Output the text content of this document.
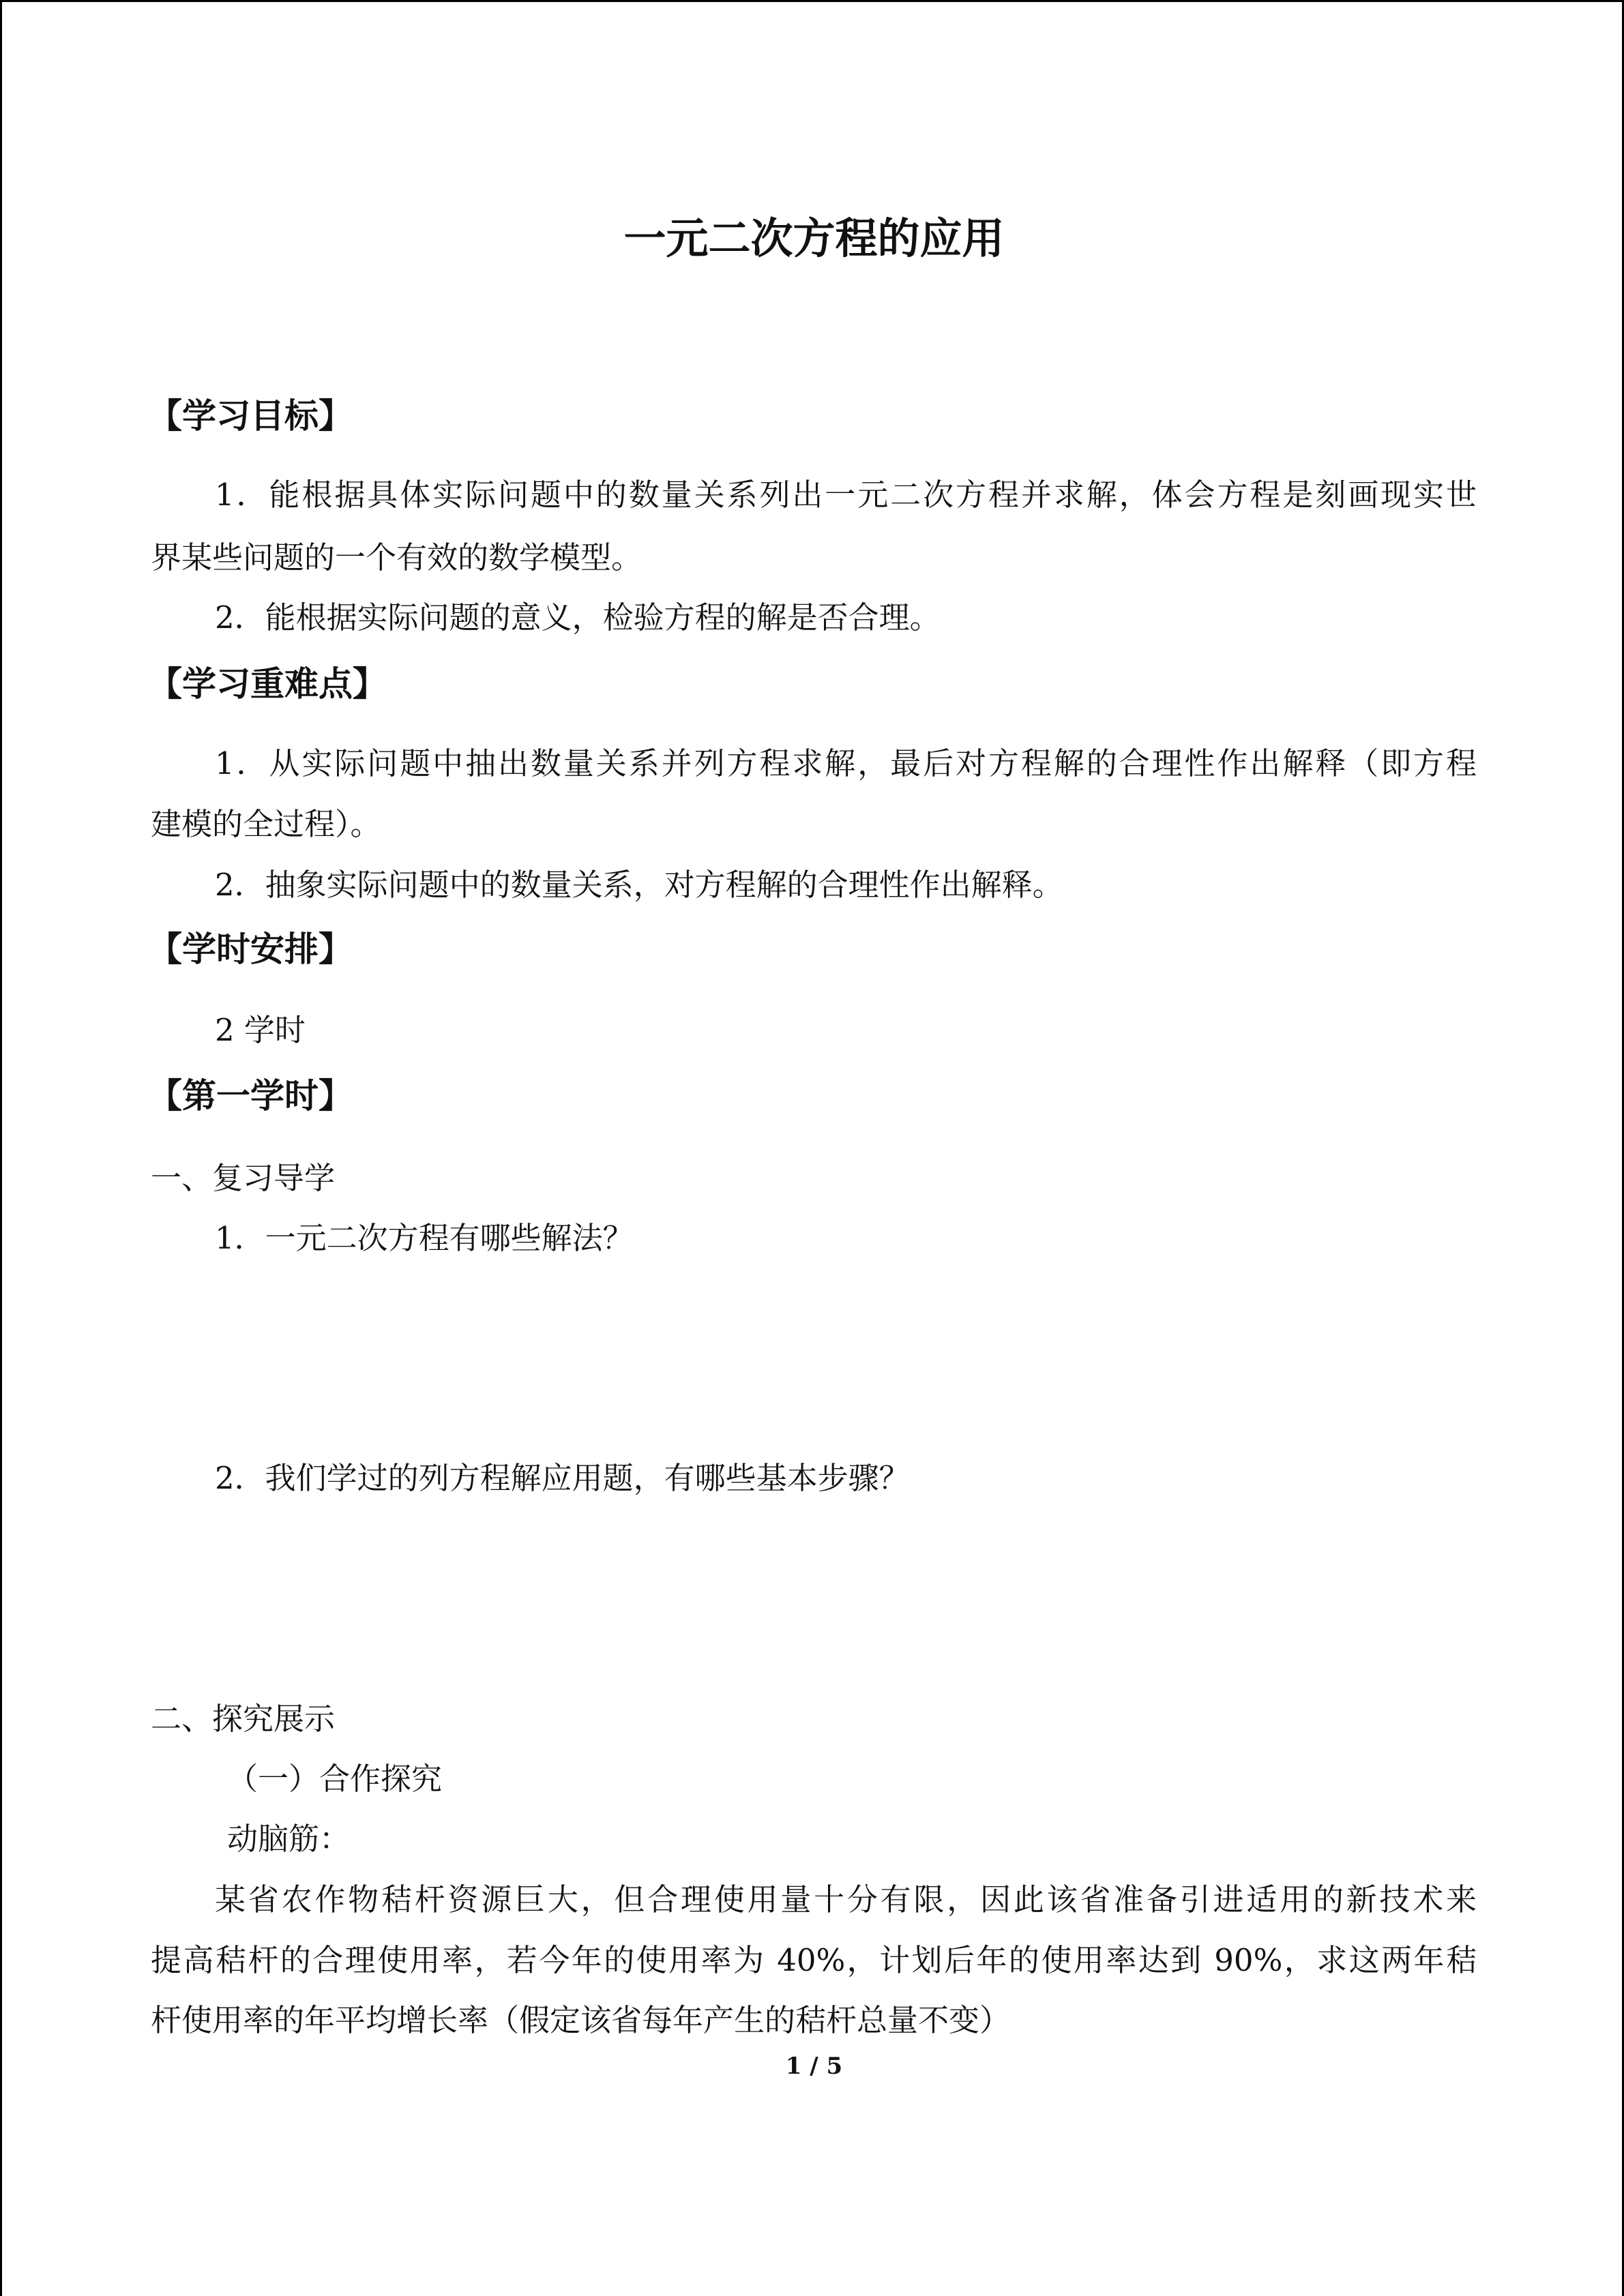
一元二次方程的应用
【学习目标】
1．能根据具体实际问题中的数量关系列出一元二次方程并求解，体会方程是刻画现实世
界某些问题的一个有效的数学模型。
2．能根据实际问题的意义，检验方程的解是否合理。
【学习重难点】
1．从实际问题中抽出数量关系并列方程求解，最后对方程解的合理性作出解释（即方程
建模的全过程）。
2．抽象实际问题中的数量关系，对方程解的合理性作出解释。
【学时安排】
2 学时
【第一学时】
一、复习导学
1．一元二次方程有哪些解法？
2．我们学过的列方程解应用题，有哪些基本步骤？
二、探究展示
（一）合作探究
动脑筋：
某省农作物秸杆资源巨大，但合理使用量十分有限，因此该省准备引进适用的新技术来
提高秸杆的合理使用率，若今年的使用率为 40%，计划后年的使用率达到 90%，求这两年秸
杆使用率的年平均增长率（假定该省每年产生的秸杆总量不变）
1 / 5
